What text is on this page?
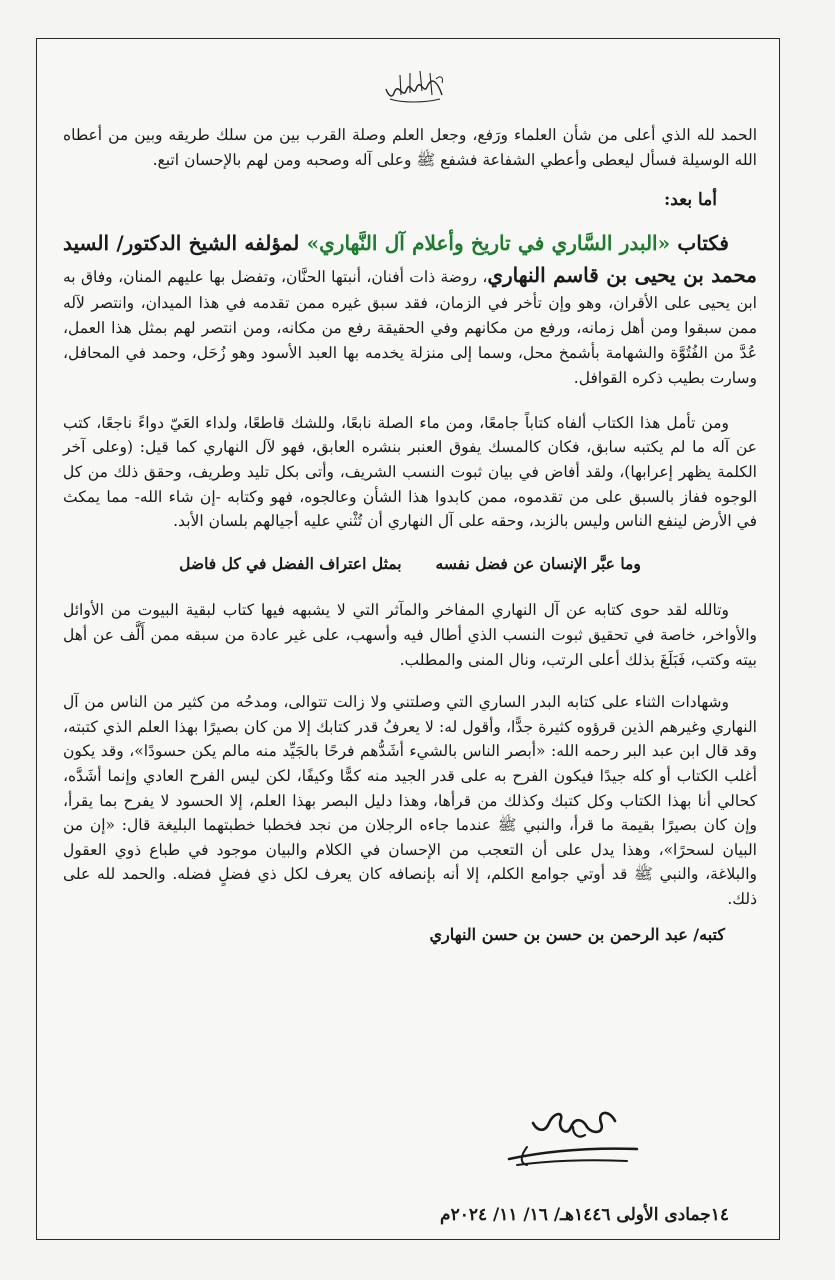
الحمد لله الذي أعلى من شأن العلماء ورَفع، وجعل العلم وصلة القرب بين من سلك طريقه وبين من أعطاه الله الوسيلة فسأل ليعطى وأعطي الشفاعة فشفع ﷺ وعلى آله وصحبه ومن لهم بالإحسان اتبع.

أما بعد:

فكتاب «البدر السَّاري في تاريخ وأعلام آل النَّهاري» لمؤلفه الشيخ الدكتور/ السيد محمد بن يحيى بن قاسم النهاري، روضة ذات أفنان، أنبتها الحنَّان، وتفضل بها عليهم المنان، وفاق به ابن يحيى على الأقران، وهو وإن تأخر في الزمان، فقد سبق غيره ممن تقدمه في هذا الميدان، وانتصر لآله ممن سبقوا ومن أهل زمانه، ورفع من مكانهم وفي الحقيقة رفع من مكانه، ومن انتصر لهم بمثل هذا العمل، عُدَّ من الفُتُوَّة والشهامة بأشمخ محل، وسما إلى منزلة يخدمه بها العبد الأسود وهو زُحَل، وحمد في المحافل، وسارت بطيب ذكره القوافل.

ومن تأمل هذا الكتاب ألفاه كتاباً جامعًا، ومن ماء الصلة نابعًا، وللشك قاطعًا، ولداء العَيّ دواءً ناجعًا، كتب عن آله ما لم يكتبه سابق، فكان كالمسك يفوق العنبر بنشره العابق، فهو لآل النهاري كما قيل: (وعلى آخر الكلمة يظهر إعرابها)، ولقد أفاض في بيان ثبوت النسب الشريف، وأتى بكل تليد وطريف، وحقق ذلك من كل الوجوه ففاز بالسبق على من تقدموه، ممن كابدوا هذا الشأن وعالجوه، فهو وكتابه -إن شاء الله- مما يمكث في الأرض لينفع الناس وليس بالزبد، وحقه على آل النهاري أن تُثْني عليه أجيالهم بلسان الأبد.

وما عبَّر الإنسان عن فضل نفسه
بمثل اعتراف الفضل في كل فاضل

وتالله لقد حوى كتابه عن آل النهاري المفاخر والمآثر التي لا يشبهه فيها كتاب لبقية البيوت من الأوائل والأواخر، خاصة في تحقيق ثبوت النسب الذي أطال فيه وأسهب، على غير عادة من سبقه ممن أَلَّف عن أهل بيته وكتب، فَبَلَغَ بذلك أعلى الرتب، ونال المنى والمطلب.

وشهادات الثناء على كتابه البدر الساري التي وصلتني ولا زالت تتوالى، ومدحُه من كثير من الناس من آل النهاري وغيرهم الذين قرؤوه كثيرة جدًّا، وأقول له: لا يعرفُ قدر كتابك إلا من كان بصيرًا بهذا العلم الذي كتبته، وقد قال ابن عبد البر رحمه الله: «أبصر الناس بالشيء أشَدُّهم فرحًا بالجَيِّد منه مالم يكن حسودًا»، وقد يكون أغلب الكتاب أو كله جيدًا فيكون الفرح به على قدر الجيد منه كمًّا وكيفًا، لكن ليس الفرح العادي وإنما أشَدَّه، كحالي أنا بهذا الكتاب وكل كتبك وكذلك من قرأها، وهذا دليل البصر بهذا العلم، إلا الحسود لا يفرح بما يقرأ، وإن كان بصيرًا بقيمة ما قرأ، والنبي ﷺ عندما جاءه الرجلان من نجد فخطبا خطبتهما البليغة قال: «إن من البيان لسحرًا»، وهذا يدل على أن التعجب من الإحسان في الكلام والبيان موجود في طباع ذوي العقول والبلاغة، والنبي ﷺ قد أوتي جوامع الكلم، إلا أنه بإنصافه كان يعرف لكل ذي فضلٍ فضله. والحمد لله على ذلك.

كتبه/ عبد الرحمن بن حسن بن حسن النهاري

١٤جمادى الأولى ١٤٤٦هـ/ ١٦/ ١١/ ٢٠٢٤م
